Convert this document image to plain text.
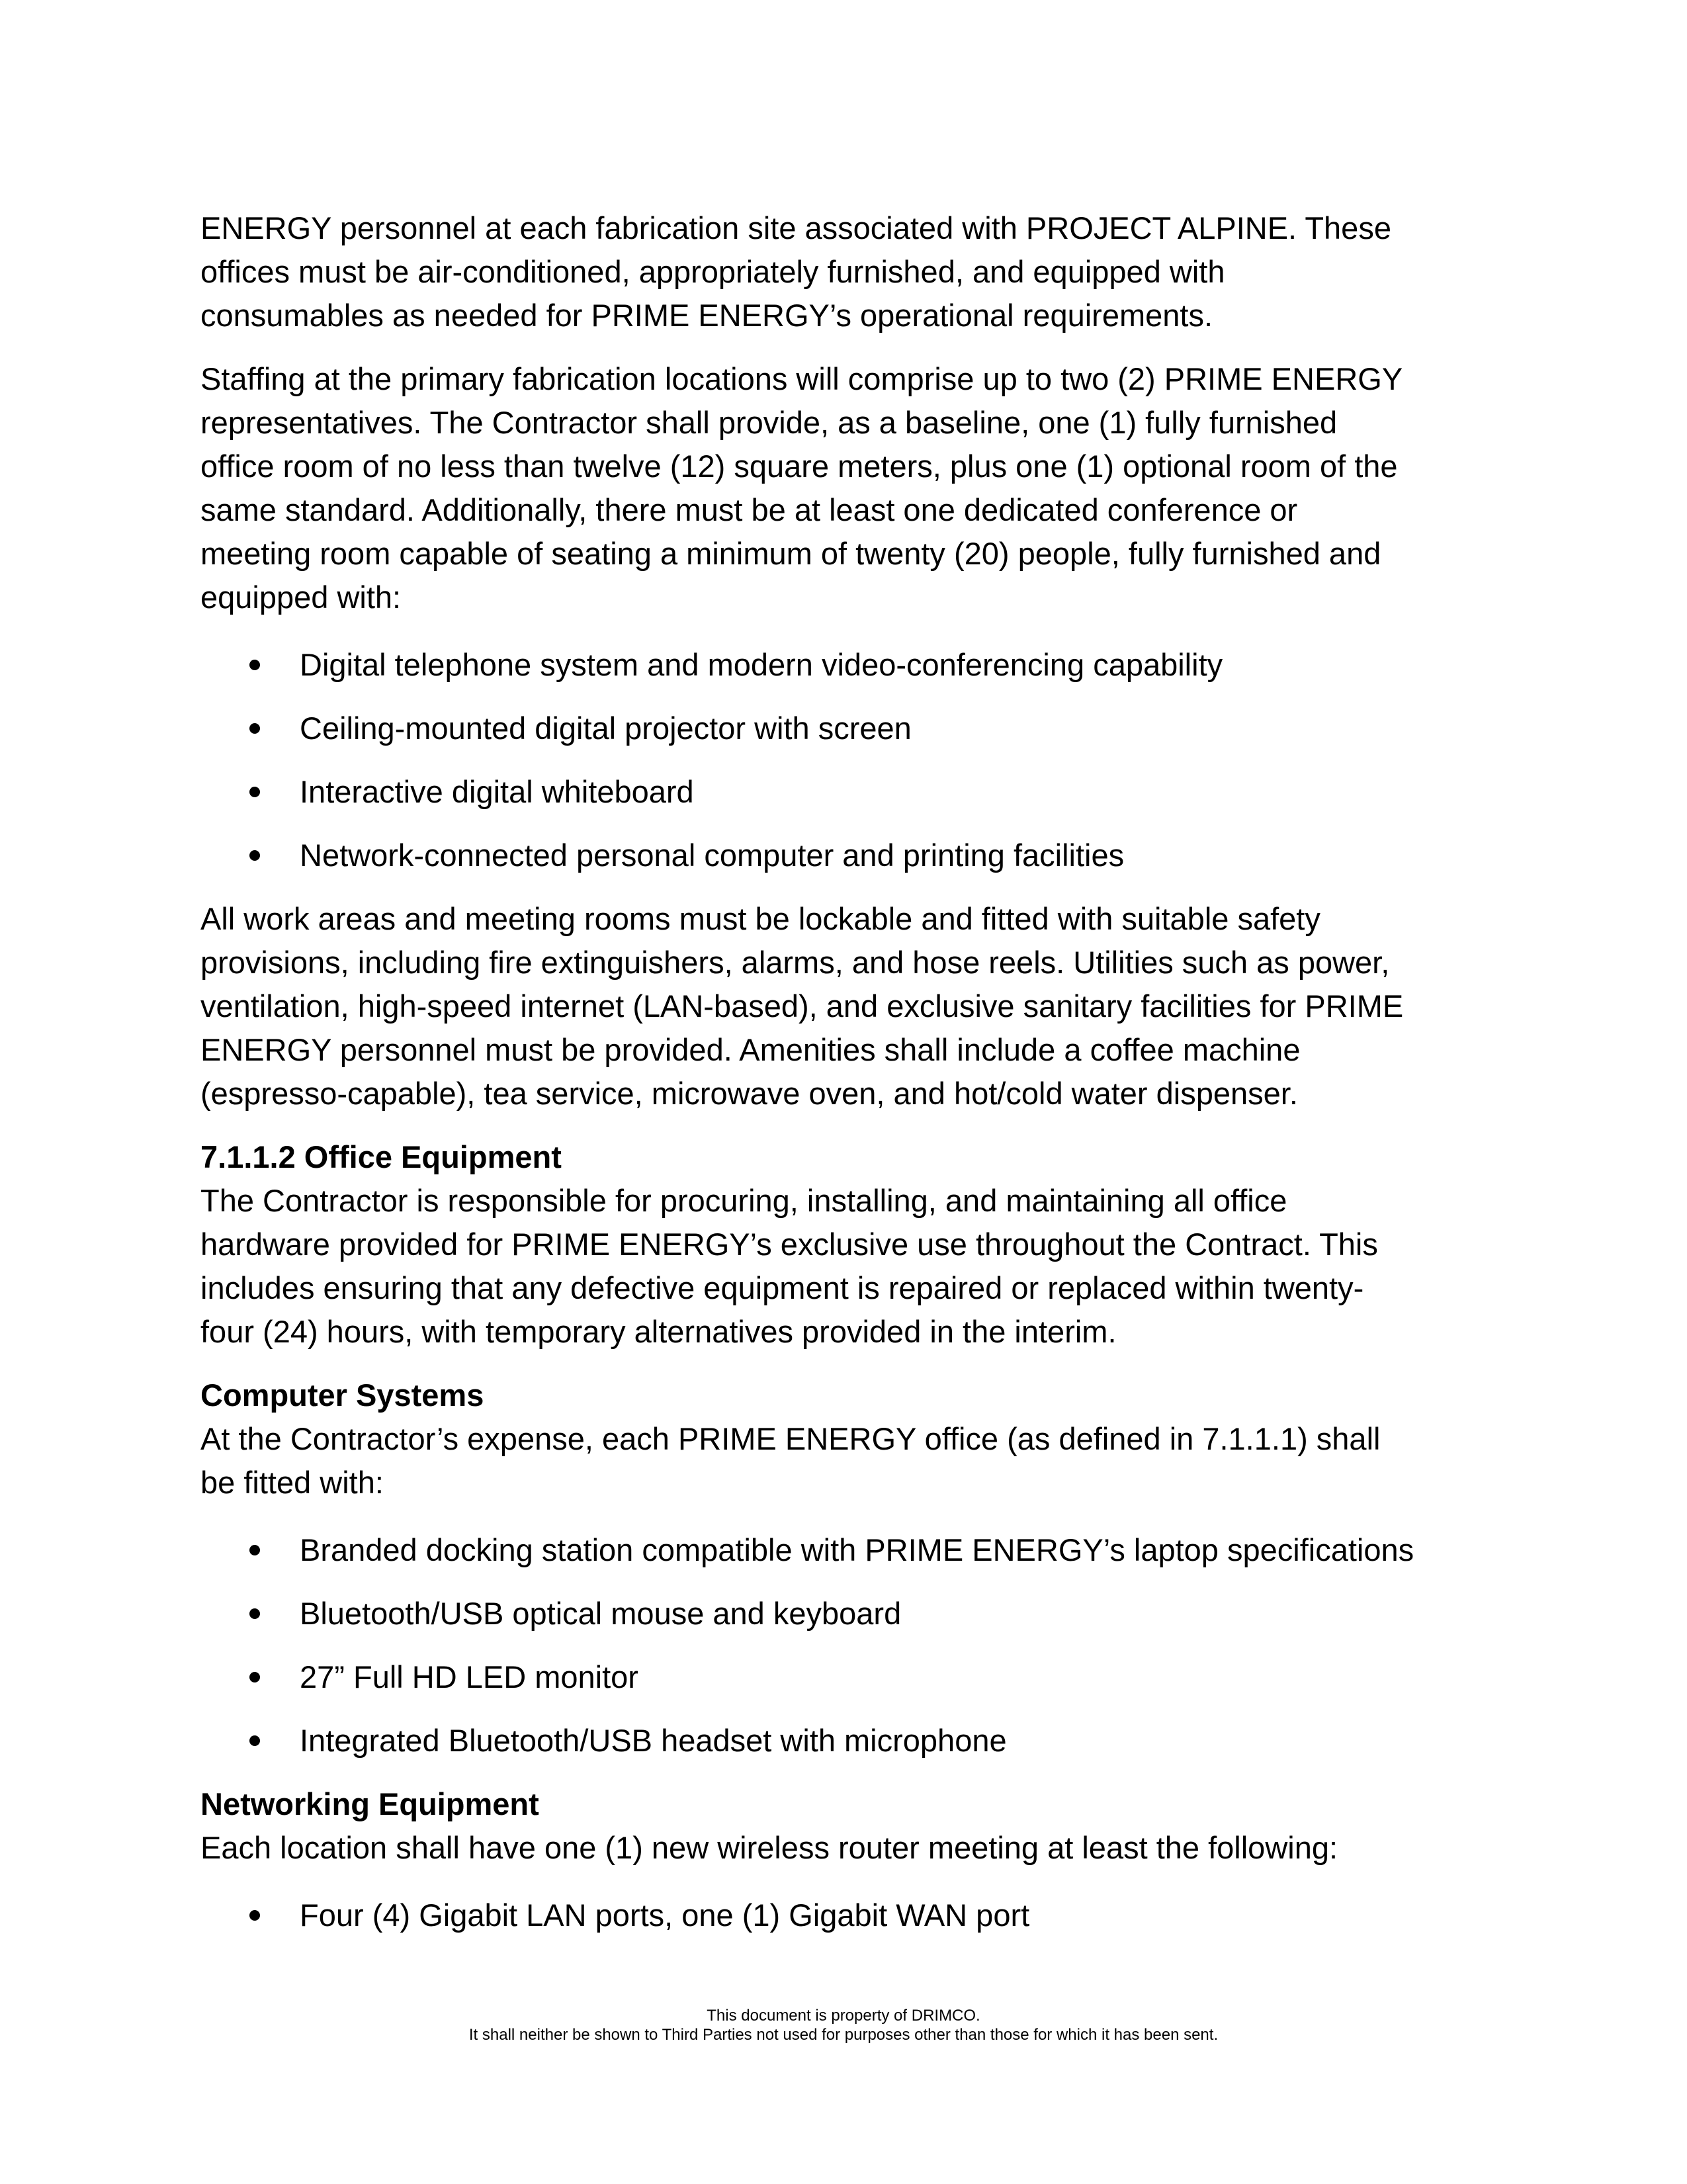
ENERGY personnel at each fabrication site associated with PROJECT ALPINE. These
offices must be air-conditioned, appropriately furnished, and equipped with
consumables as needed for PRIME ENERGY’s operational requirements.
Staffing at the primary fabrication locations will comprise up to two (2) PRIME ENERGY
representatives. The Contractor shall provide, as a baseline, one (1) fully furnished
office room of no less than twelve (12) square meters, plus one (1) optional room of the
same standard. Additionally, there must be at least one dedicated conference or
meeting room capable of seating a minimum of twenty (20) people, fully furnished and
equipped with:
Digital telephone system and modern video-conferencing capability
Ceiling-mounted digital projector with screen
Interactive digital whiteboard
Network-connected personal computer and printing facilities
All work areas and meeting rooms must be lockable and fitted with suitable safety
provisions, including fire extinguishers, alarms, and hose reels. Utilities such as power,
ventilation, high-speed internet (LAN-based), and exclusive sanitary facilities for PRIME
ENERGY personnel must be provided. Amenities shall include a coffee machine
(espresso-capable), tea service, microwave oven, and hot/cold water dispenser.
7.1.1.2 Office Equipment
The Contractor is responsible for procuring, installing, and maintaining all office
hardware provided for PRIME ENERGY’s exclusive use throughout the Contract. This
includes ensuring that any defective equipment is repaired or replaced within twenty-
four (24) hours, with temporary alternatives provided in the interim.
Computer Systems
At the Contractor’s expense, each PRIME ENERGY office (as defined in 7.1.1.1) shall
be fitted with:
Branded docking station compatible with PRIME ENERGY’s laptop specifications
Bluetooth/USB optical mouse and keyboard
27” Full HD LED monitor
Integrated Bluetooth/USB headset with microphone
Networking Equipment
Each location shall have one (1) new wireless router meeting at least the following:
Four (4) Gigabit LAN ports, one (1) Gigabit WAN port
This document is property of DRIMCO.
It shall neither be shown to Third Parties not used for purposes other than those for which it has been sent.
